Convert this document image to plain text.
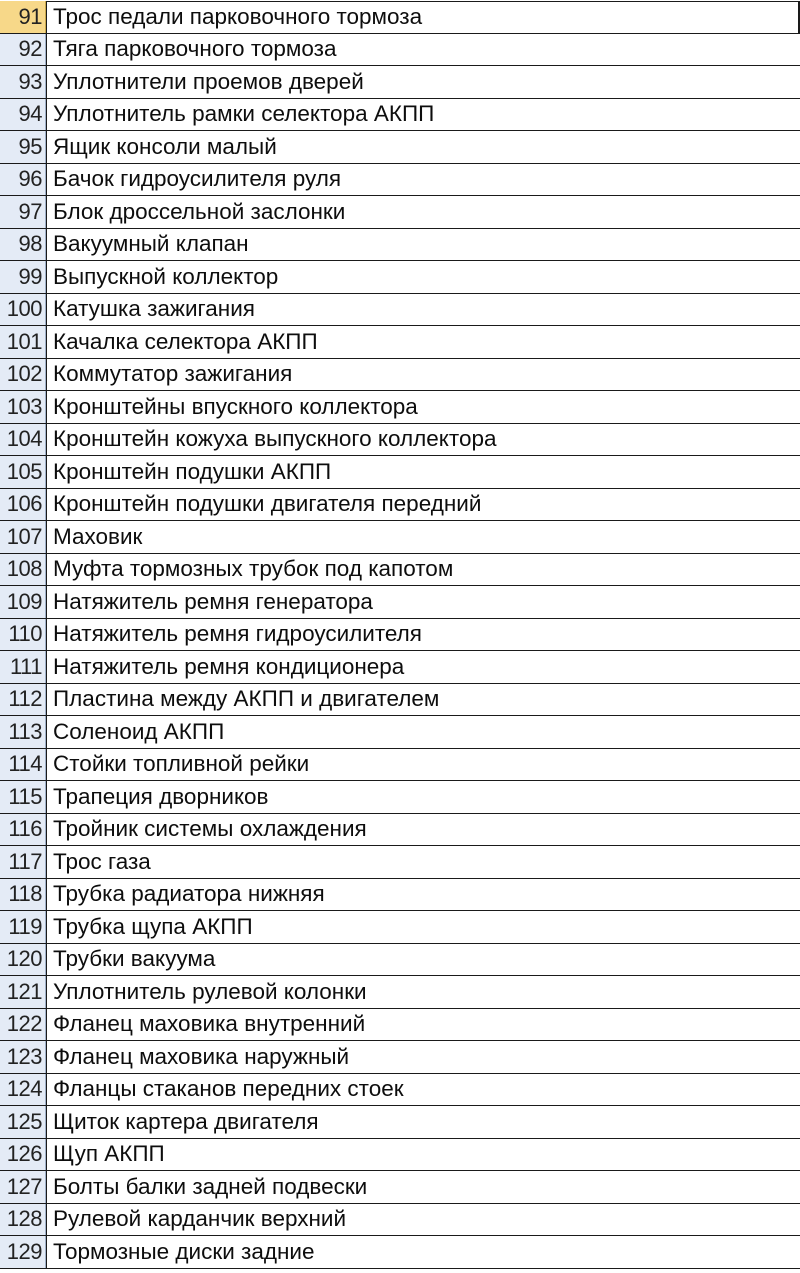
91 Трос педали парковочного тормоза
92 Тяга парковочного тормоза
93 Уплотнители проемов дверей
94 Уплотнитель рамки селектора АКПП
95 Ящик консоли малый
96 Бачок гидроусилителя руля
97 Блок дроссельной заслонки
98 Вакуумный клапан
99 Выпускной коллектор
100 Катушка зажигания
101 Качалка селектора АКПП
102 Коммутатор зажигания
103 Кронштейны впускного коллектора
104 Кронштейн кожуха выпускного коллектора
105 Кронштейн подушки АКПП
106 Кронштейн подушки двигателя передний
107 Маховик
108 Муфта тормозных трубок под капотом
109 Натяжитель ремня генератора
110 Натяжитель ремня гидроусилителя
111 Натяжитель ремня кондиционера
112 Пластина между АКПП и двигателем
113 Соленоид АКПП
114 Стойки топливной рейки
115 Трапеция дворников
116 Тройник системы охлаждения
117 Трос газа
118 Трубка радиатора нижняя
119 Трубка щупа АКПП
120 Трубки вакуума
121 Уплотнитель рулевой колонки
122 Фланец маховика внутренний
123 Фланец маховика наружный
124 Фланцы стаканов передних стоек
125 Щиток картера двигателя
126 Щуп АКПП
127 Болты балки задней подвески
128 Рулевой карданчик верхний
129 Тормозные диски задние
